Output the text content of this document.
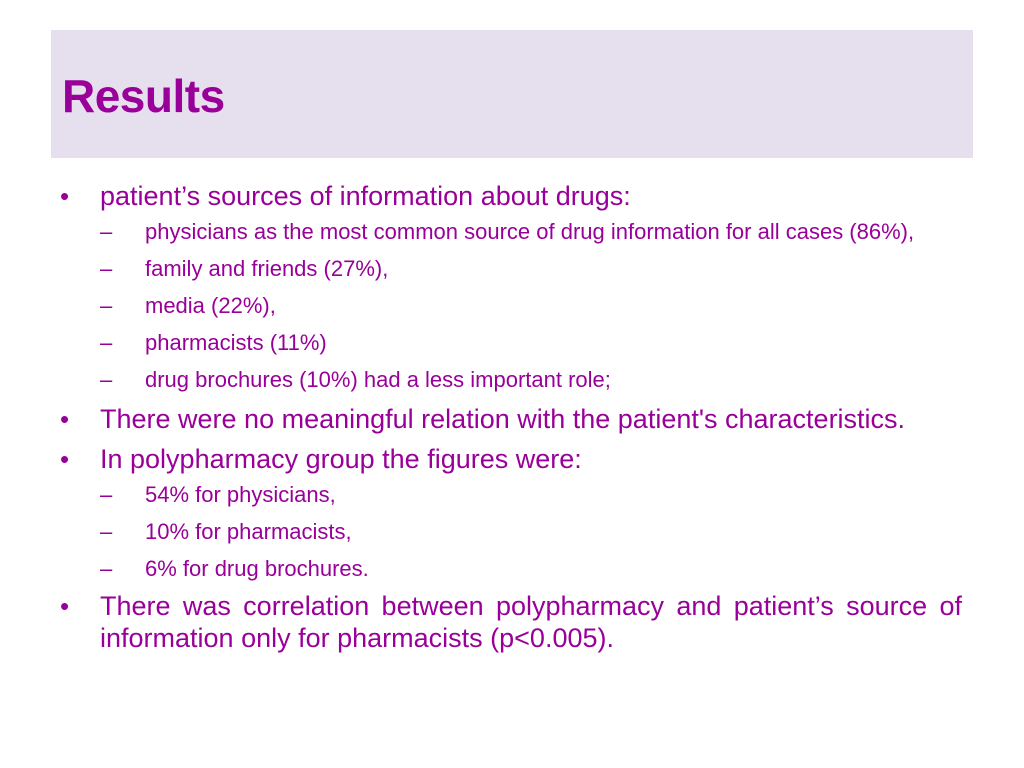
Results
• patient’s sources of information about drugs:
– physicians as the most common source of drug information for all cases (86%),
– family and friends (27%),
– media (22%),
– pharmacists (11%)
– drug brochures (10%) had a less important role;
• There were no meaningful relation with the patient's characteristics.
• In polypharmacy group the figures were:
– 54% for physicians,
– 10% for pharmacists,
– 6% for drug brochures.
• There was correlation between polypharmacy and patient’s source of information only for pharmacists (p<0.005).
